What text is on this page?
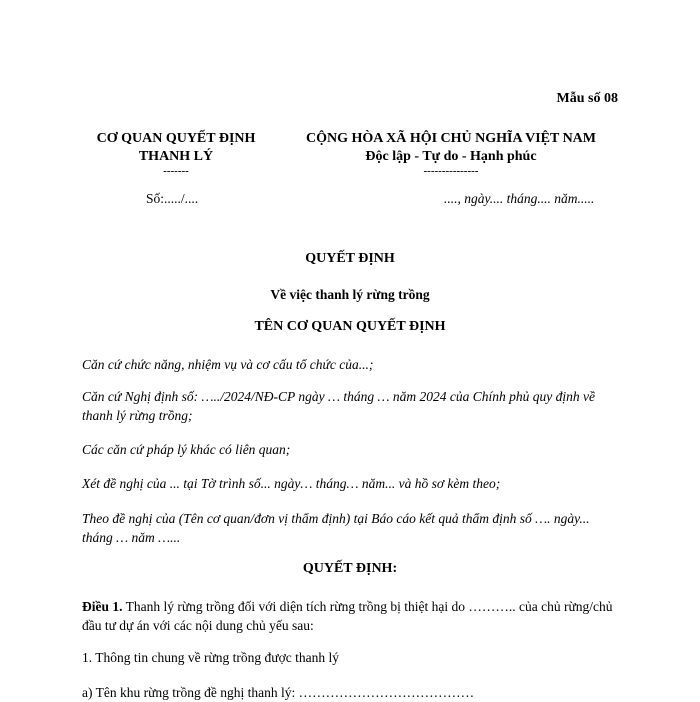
Mẫu số 08
CƠ QUAN QUYẾT ĐỊNH
THANH LÝ
-------
CỘNG HÒA XÃ HỘI CHỦ NGHĨA VIỆT NAM
Độc lập - Tự do - Hạnh phúc
---------------
Số:...../....	...., ngày.... tháng.... năm.....
QUYẾT ĐỊNH
Về việc thanh lý rừng trồng
TÊN CƠ QUAN QUYẾT ĐỊNH
Căn cứ chức năng, nhiệm vụ và cơ cấu tổ chức của...;
Căn cứ Nghị định số: …../2024/NĐ-CP ngày … tháng … năm 2024 của Chính phủ quy định về thanh lý rừng trồng;
Các căn cứ pháp lý khác có liên quan;
Xét đề nghị của ... tại Tờ trình số... ngày… tháng… năm... và hồ sơ kèm theo;
Theo đề nghị của (Tên cơ quan/đơn vị thẩm định) tại Báo cáo kết quả thẩm định số …. ngày... tháng … năm …...
QUYẾT ĐỊNH:
Điều 1. Thanh lý rừng trồng đối với diện tích rừng trồng bị thiệt hại do ……….. của chủ rừng/chủ đầu tư dự án với các nội dung chủ yếu sau:
1. Thông tin chung về rừng trồng được thanh lý
a) Tên khu rừng trồng đề nghị thanh lý: …………………………………
